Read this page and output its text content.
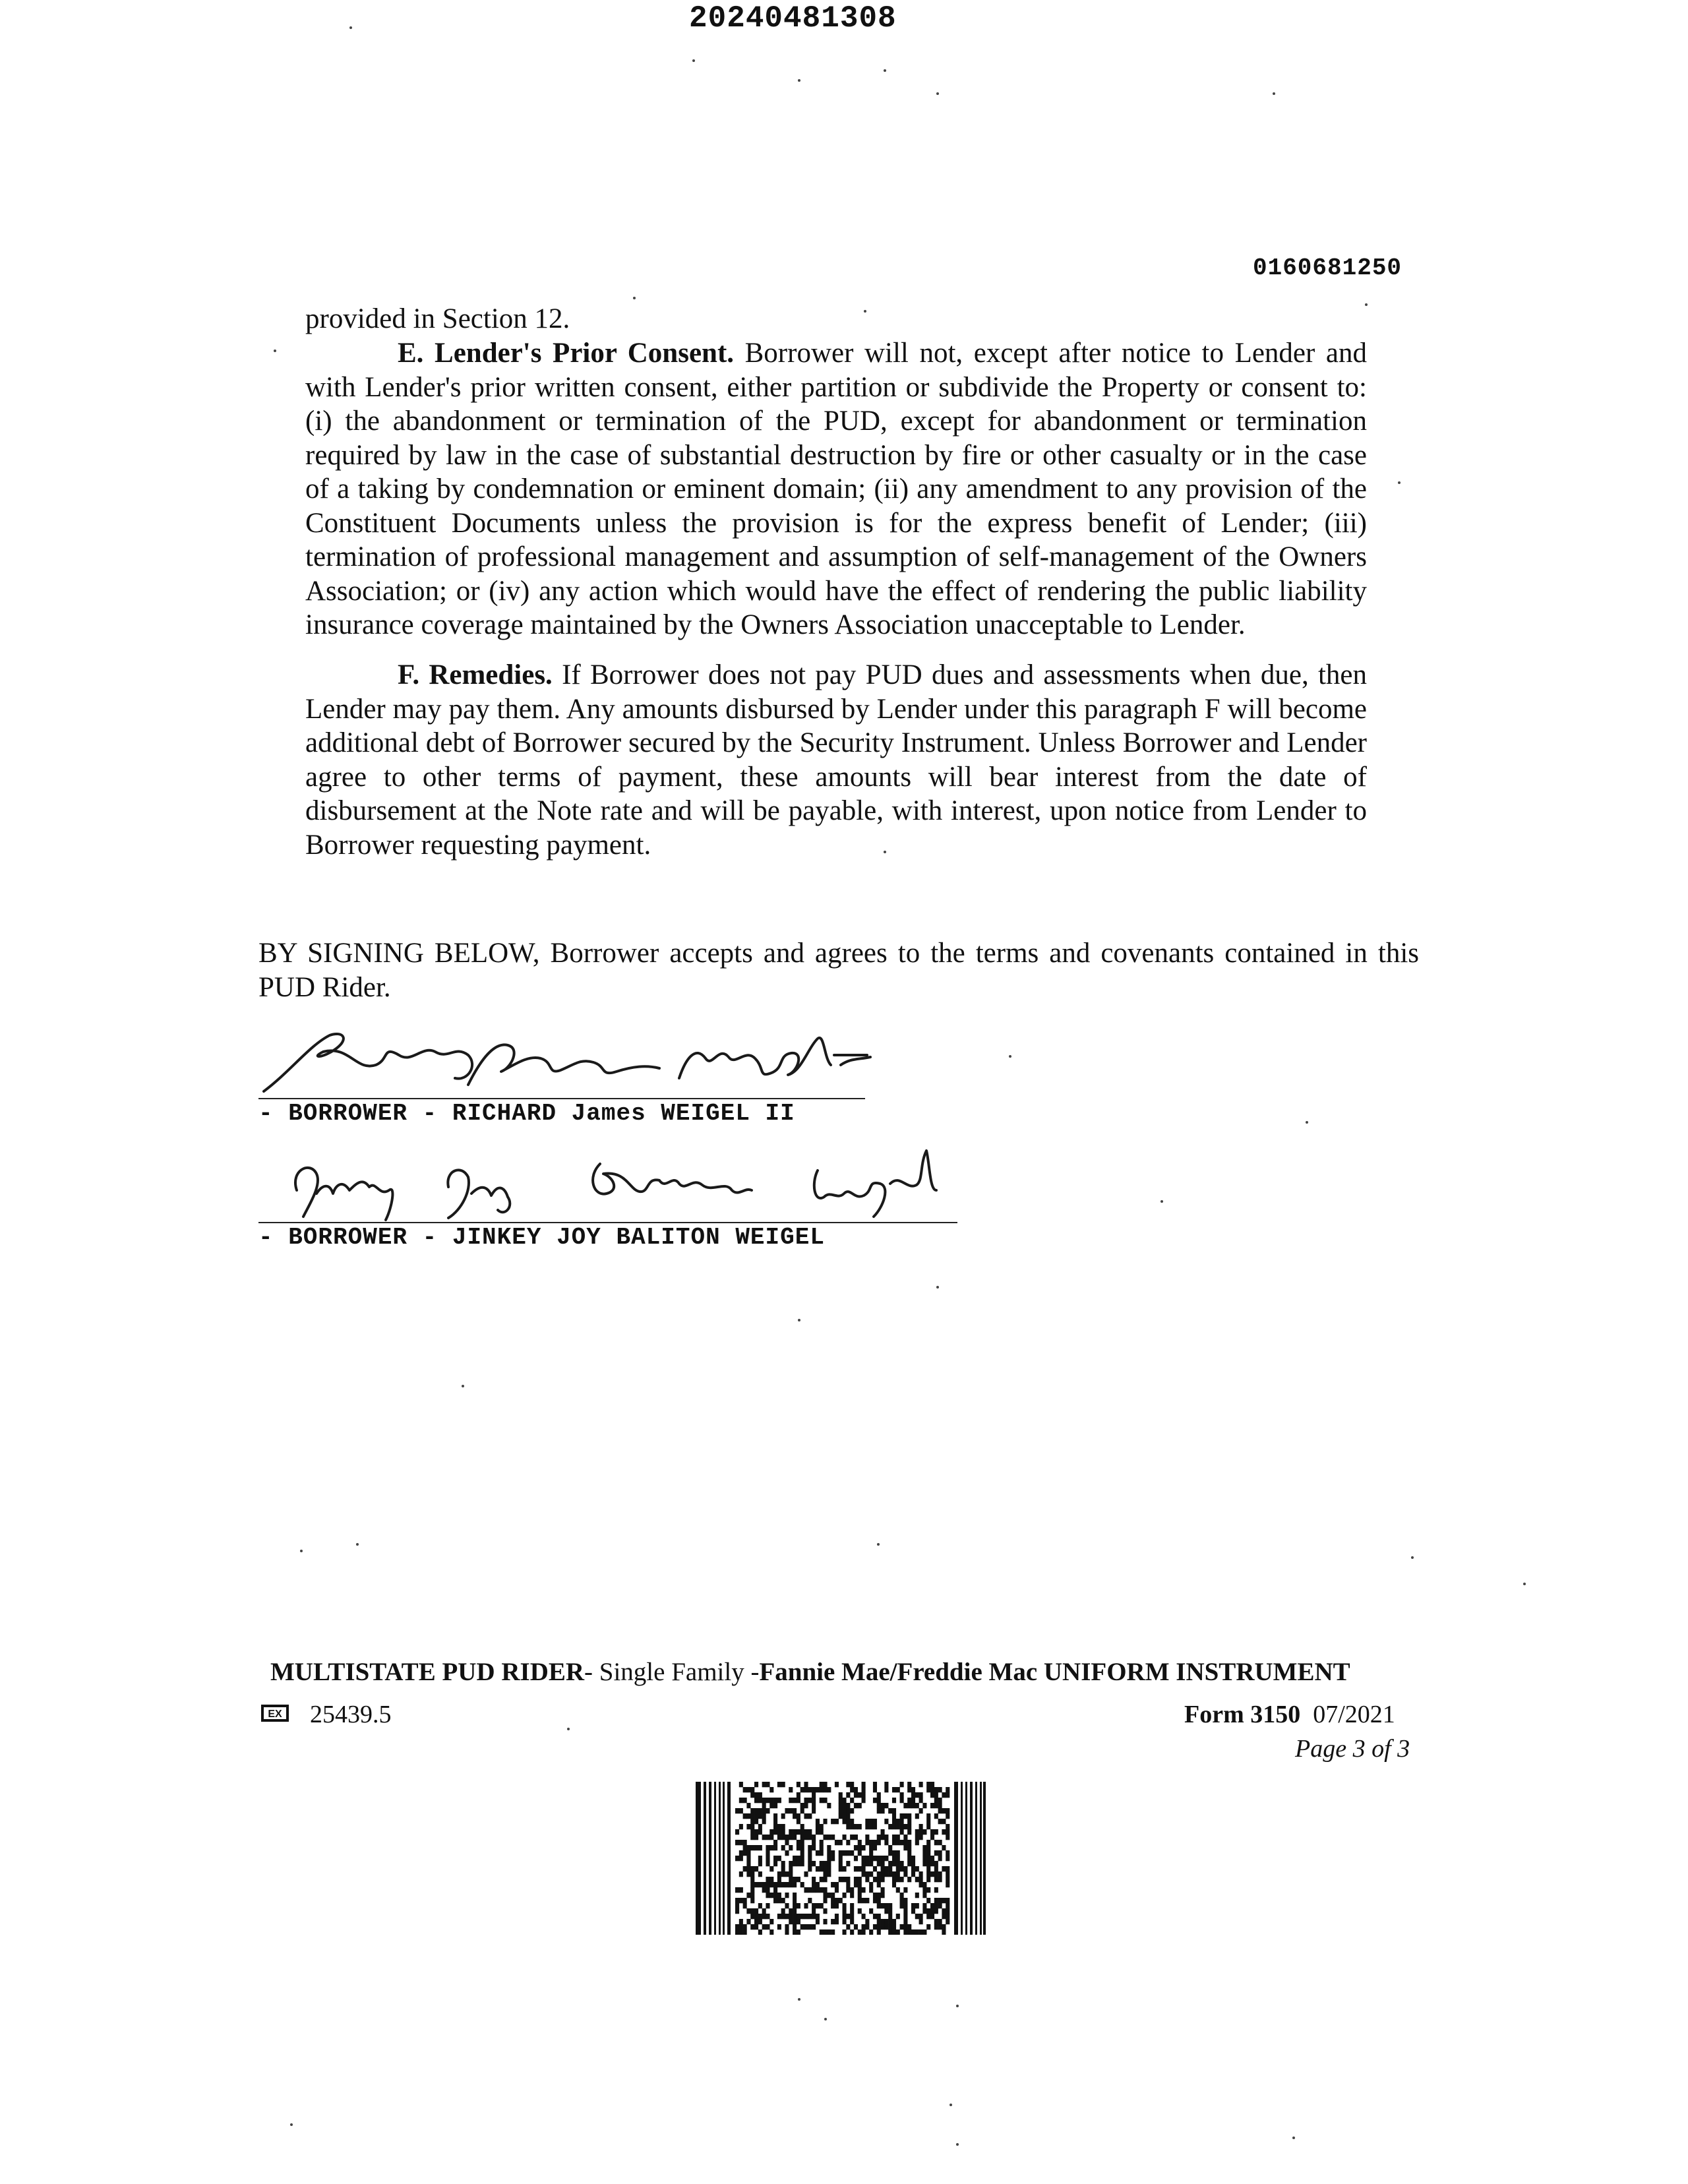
20240481308
0160681250
provided in Section 12.
E. Lender's Prior Consent. Borrower will not, except after notice to Lender and with Lender's prior written consent, either partition or subdivide the Property or consent to: (i) the abandonment or termination of the PUD, except for abandonment or termination required by law in the case of substantial destruction by fire or other casualty or in the case of a taking by condemnation or eminent domain; (ii) any amendment to any provision of the Constituent Documents unless the provision is for the express benefit of Lender; (iii) termination of professional management and assumption of self-management of the Owners Association; or (iv) any action which would have the effect of rendering the public liability insurance coverage maintained by the Owners Association unacceptable to Lender.
F. Remedies. If Borrower does not pay PUD dues and assessments when due, then Lender may pay them. Any amounts disbursed by Lender under this paragraph F will become additional debt of Borrower secured by the Security Instrument. Unless Borrower and Lender agree to other terms of payment, these amounts will bear interest from the date of disbursement at the Note rate and will be payable, with interest, upon notice from Lender to Borrower requesting payment.
BY SIGNING BELOW, Borrower accepts and agrees to the terms and covenants contained in this PUD Rider.
- BORROWER - RICHARD James WEIGEL II
- BORROWER - JINKEY JOY BALITON WEIGEL
MULTISTATE PUD RIDER- Single Family -Fannie Mae/Freddie Mac UNIFORM INSTRUMENT
EX 25439.5	Form 3150 07/2021
Page 3 of 3
